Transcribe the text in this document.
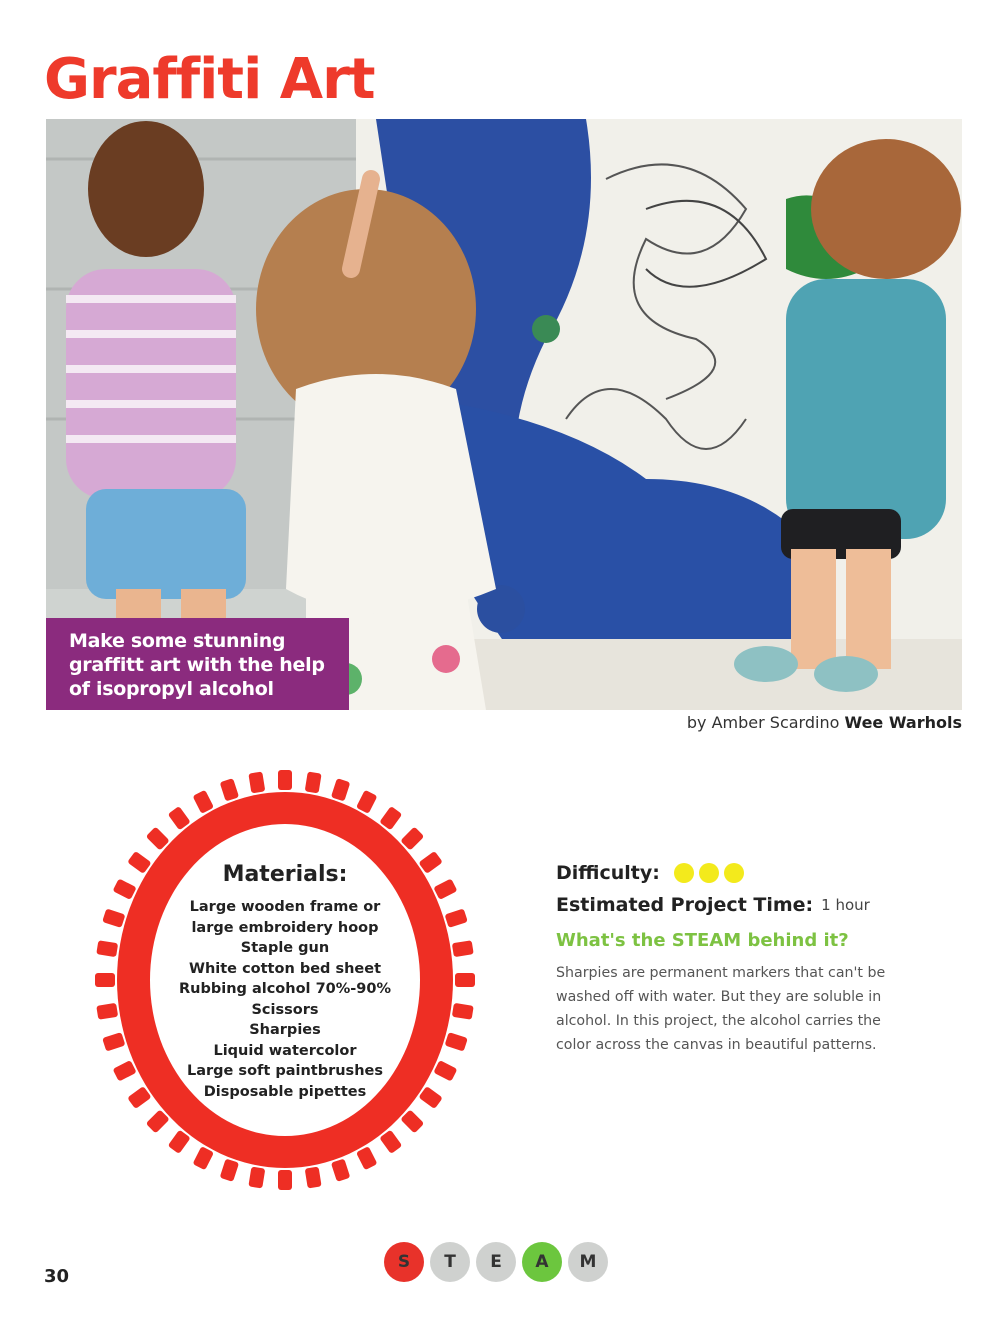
Graffiti Art
Make some stunning
graffitt art with the help
of isopropyl alcohol
by Amber Scardino Wee Warhols
Materials:
Large wooden frame or
large embroidery hoop
Staple gun
White cotton bed sheet
Rubbing alcohol 70%-90%
Scissors
Sharpies
Liquid watercolor
Large soft paintbrushes
Disposable pipettes
Difficulty:
Estimated Project Time: 1 hour
What's the STEAM behind it?

Sharpies are permanent markers that can't be washed off with water. But they are soluble in alcohol. In this project, the alcohol carries the color across the canvas in beautiful patterns.

30
S	T	E	A	M
